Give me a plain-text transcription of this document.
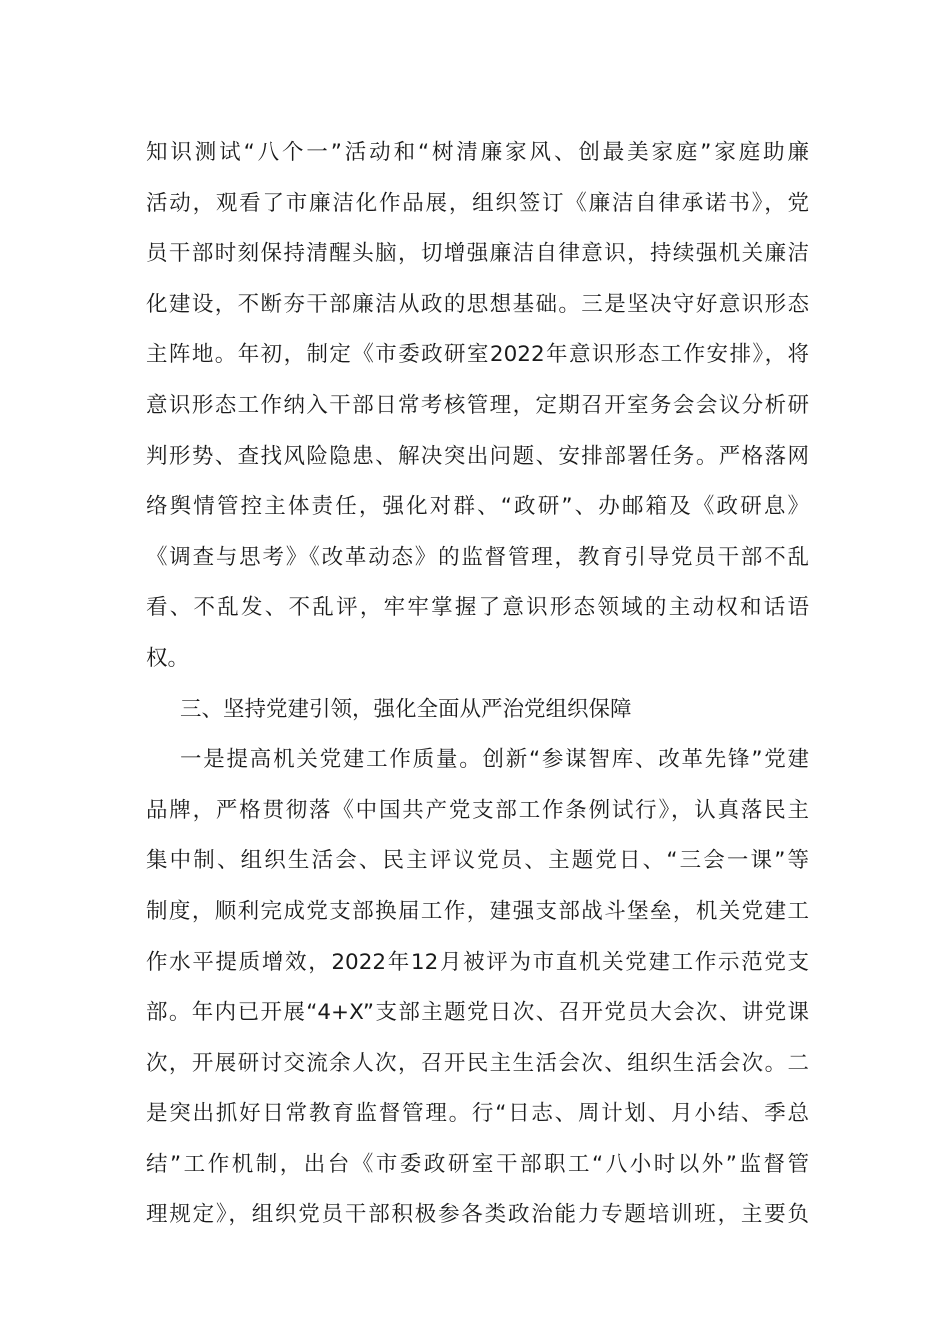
知识测试“八个一”活动和“树清廉家风、创最美家庭”家庭助廉
活动，观看了市廉洁化作品展，组织签订《廉洁自律承诺书》，党
员干部时刻保持清醒头脑，切增强廉洁自律意识，持续强机关廉洁
化建设，不断夯干部廉洁从政的思想基础。三是坚决守好意识形态
主阵地。年初，制定《市委政研室2022年意识形态工作安排》，将
意识形态工作纳入干部日常考核管理，定期召开室务会会议分析研
判形势、查找风险隐患、解决突出问题、安排部署任务。严格落网
络舆情管控主体责任，强化对群、“政研”、办邮箱及《政研息》
《调查与思考》《改革动态》的监督管理，教育引导党员干部不乱
看、不乱发、不乱评，牢牢掌握了意识形态领域的主动权和话语
权。
三、坚持党建引领，强化全面从严治党组织保障
一是提高机关党建工作质量。创新“参谋智库、改革先锋”党建
品牌，严格贯彻落《中国共产党支部工作条例试行》，认真落民主
集中制、组织生活会、民主评议党员、主题党日、“三会一课”等
制度，顺利完成党支部换届工作，建强支部战斗堡垒，机关党建工
作水平提质增效，2022年12月被评为市直机关党建工作示范党支
部。年内已开展“4+X”支部主题党日次、召开党员大会次、讲党课
次，开展研讨交流余人次，召开民主生活会次、组织生活会次。二
是突出抓好日常教育监督管理。行“日志、周计划、月小结、季总
结”工作机制，出台《市委政研室干部职工“八小时以外”监督管
理规定》，组织党员干部积极参各类政治能力专题培训班，主要负
